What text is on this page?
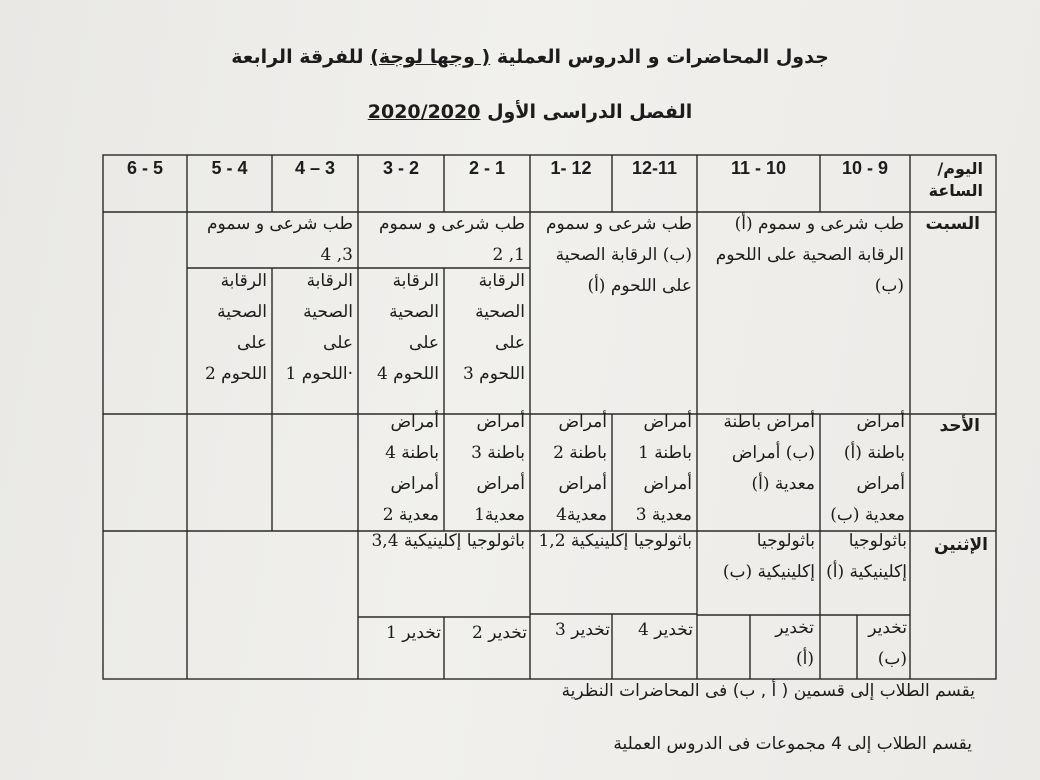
جدول المحاضرات و الدروس العملية ( وجها لوجة) للفرقة الرابعة
الفصل الدراسى الأول 2020/2020
اليوم/
الساعة
10 - 9
11 - 10
12-11
1- 12
2 - 1
3 - 2
4 – 3
5 - 4
6 - 5
السبت
الأحد
الإثنين
طب شرعى و سموم (أ) الرقابة الصحية على اللحوم (ب)
طب شرعى و سموم (ب) الرقابة الصحية على اللحوم (أ)
طب شرعى و سموم 1, 2
طب شرعى و سموم 3, 4
الرقابة الصحية على اللحوم 3
الرقابة الصحية على اللحوم 4
الرقابة الصحية على ·اللحوم 1
الرقابة الصحية على اللحوم 2
أمراض باطنة (أ) أمراض معدية (ب)
أمراض باطنة (ب) أمراض معدية (أ)
أمراض باطنة 1 أمراض معدية 3
أمراض باطنة 2 أمراض معدية4
أمراض باطنة 3 أمراض معدية1
أمراض باطنة 4 أمراض معدية 2
باثولوجيا إكلينيكية (أ)
باثولوجيا إكلينيكية (ب)
باثولوجيا إكلينيكية 1,2
باثولوجيا إكلينيكية 3,4
تخدير (ب)
تخدير (أ)
تخدير 4
تخدير 3
تخدير 2
تخدير 1
يقسم الطلاب إلى قسمين ( أ , ب) فى المحاضرات النظرية
يقسم الطلاب إلى 4 مجموعات فى الدروس العملية
